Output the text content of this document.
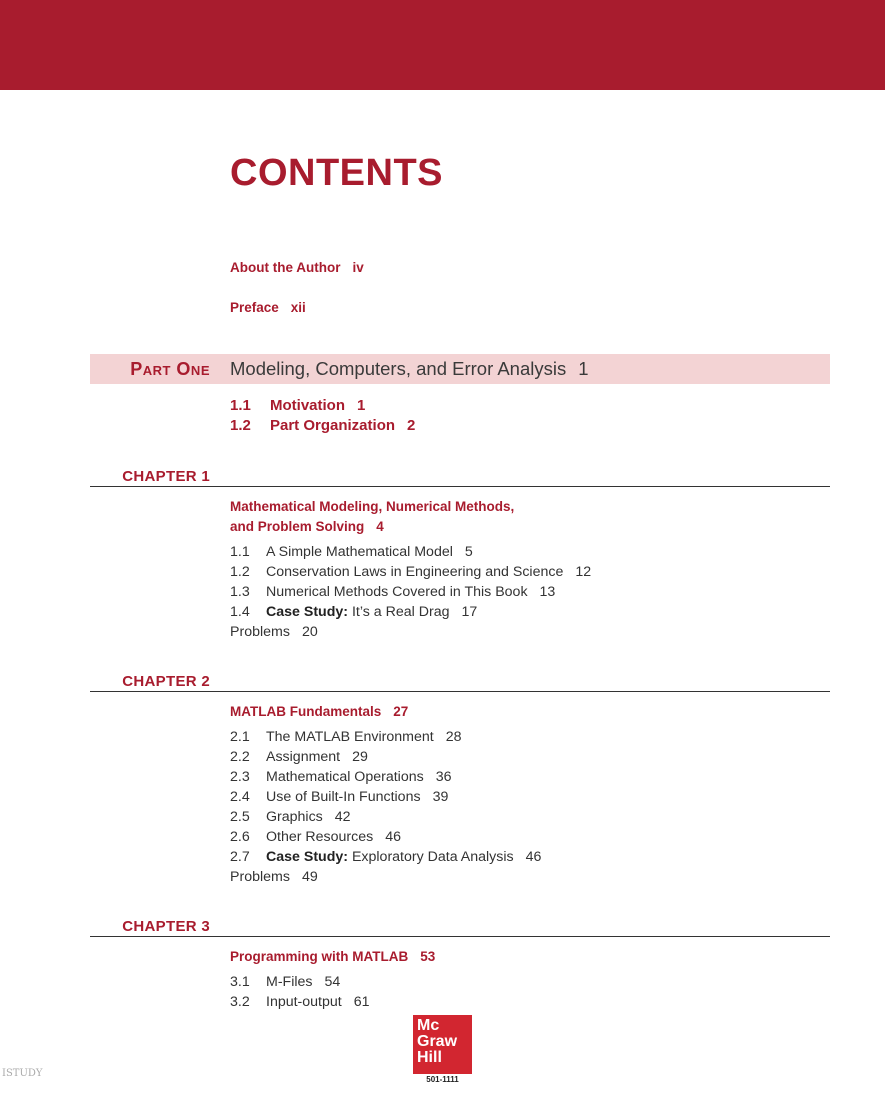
CONTENTS
About the Author iv
Preface xii
Part One Modeling, Computers, and Error Analysis 1
1.1 Motivation 1
1.2 Part Organization 2
CHAPTER 1
Mathematical Modeling, Numerical Methods,
and Problem Solving 4
1.1 A Simple Mathematical Model 5
1.2 Conservation Laws in Engineering and Science 12
1.3 Numerical Methods Covered in This Book 13
1.4 Case Study: It’s a Real Drag 17
Problems 20
CHAPTER 2
MATLAB Fundamentals 27
2.1 The MATLAB Environment 28
2.2 Assignment 29
2.3 Mathematical Operations 36
2.4 Use of Built-In Functions 39
2.5 Graphics 42
2.6 Other Resources 46
2.7 Case Study: Exploratory Data Analysis 46
Problems 49
CHAPTER 3
Programming with MATLAB 53
3.1 M-Files 54
3.2 Input-output 61
Mc
Graw
Hill
501-1111
ISTUDY
